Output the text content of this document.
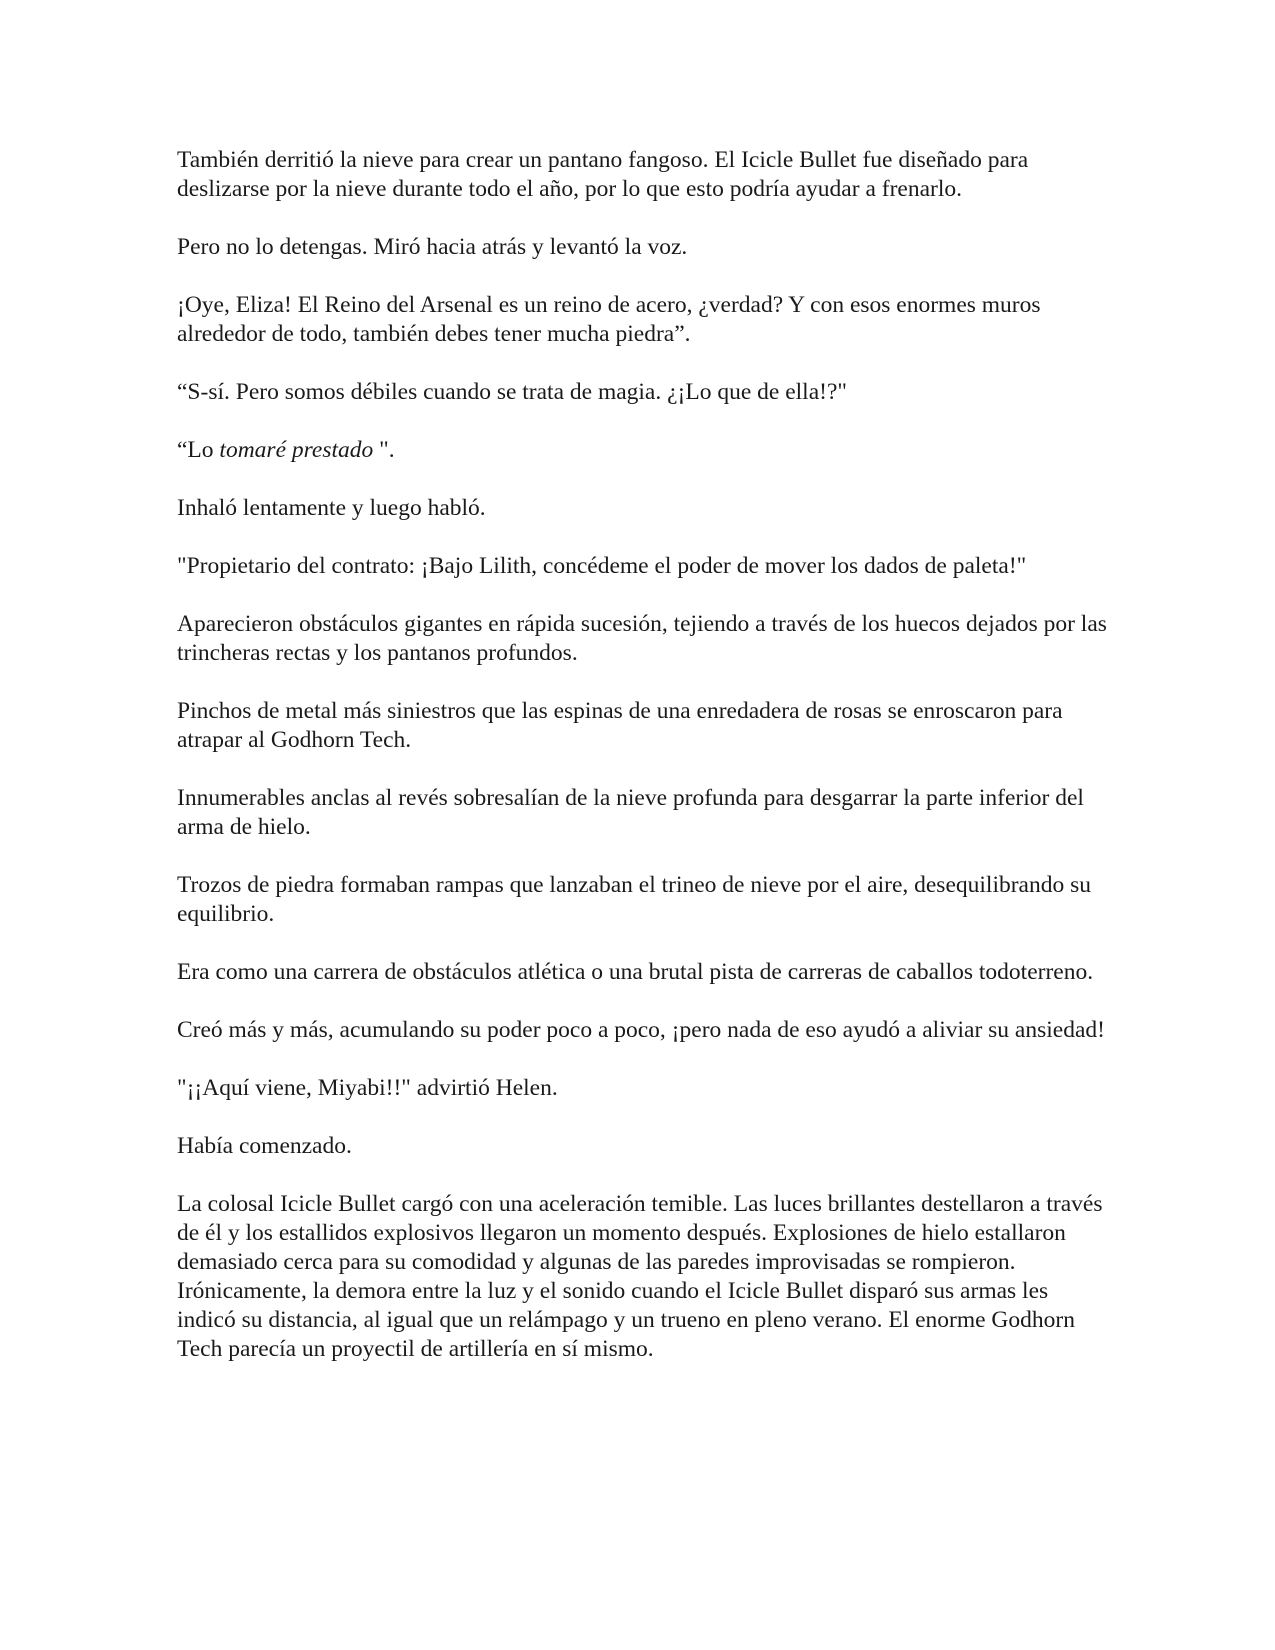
También derritió la nieve para crear un pantano fangoso. El Icicle Bullet fue diseñado para deslizarse por la nieve durante todo el año, por lo que esto podría ayudar a frenarlo.

Pero no lo detengas. Miró hacia atrás y levantó la voz.

¡Oye, Eliza! El Reino del Arsenal es un reino de acero, ¿verdad? Y con esos enormes muros alrededor de todo, también debes tener mucha piedra”.

“S-sí. Pero somos débiles cuando se trata de magia. ¿¡Lo que de ella!?"

“Lo tomaré prestado ".

Inhaló lentamente y luego habló.

"Propietario del contrato: ¡Bajo Lilith, concédeme el poder de mover los dados de paleta!"

Aparecieron obstáculos gigantes en rápida sucesión, tejiendo a través de los huecos dejados por las trincheras rectas y los pantanos profundos.

Pinchos de metal más siniestros que las espinas de una enredadera de rosas se enroscaron para atrapar al Godhorn Tech.

Innumerables anclas al revés sobresalían de la nieve profunda para desgarrar la parte inferior del arma de hielo.

Trozos de piedra formaban rampas que lanzaban el trineo de nieve por el aire, desequilibrando su equilibrio.

Era como una carrera de obstáculos atlética o una brutal pista de carreras de caballos todoterreno.

Creó más y más, acumulando su poder poco a poco, ¡pero nada de eso ayudó a aliviar su ansiedad!

"¡¡Aquí viene, Miyabi!!" advirtió Helen.

Había comenzado.

La colosal Icicle Bullet cargó con una aceleración temible. Las luces brillantes destellaron a través de él y los estallidos explosivos llegaron un momento después. Explosiones de hielo estallaron demasiado cerca para su comodidad y algunas de las paredes improvisadas se rompieron. Irónicamente, la demora entre la luz y el sonido cuando el Icicle Bullet disparó sus armas les indicó su distancia, al igual que un relámpago y un trueno en pleno verano. El enorme Godhorn Tech parecía un proyectil de artillería en sí mismo.
